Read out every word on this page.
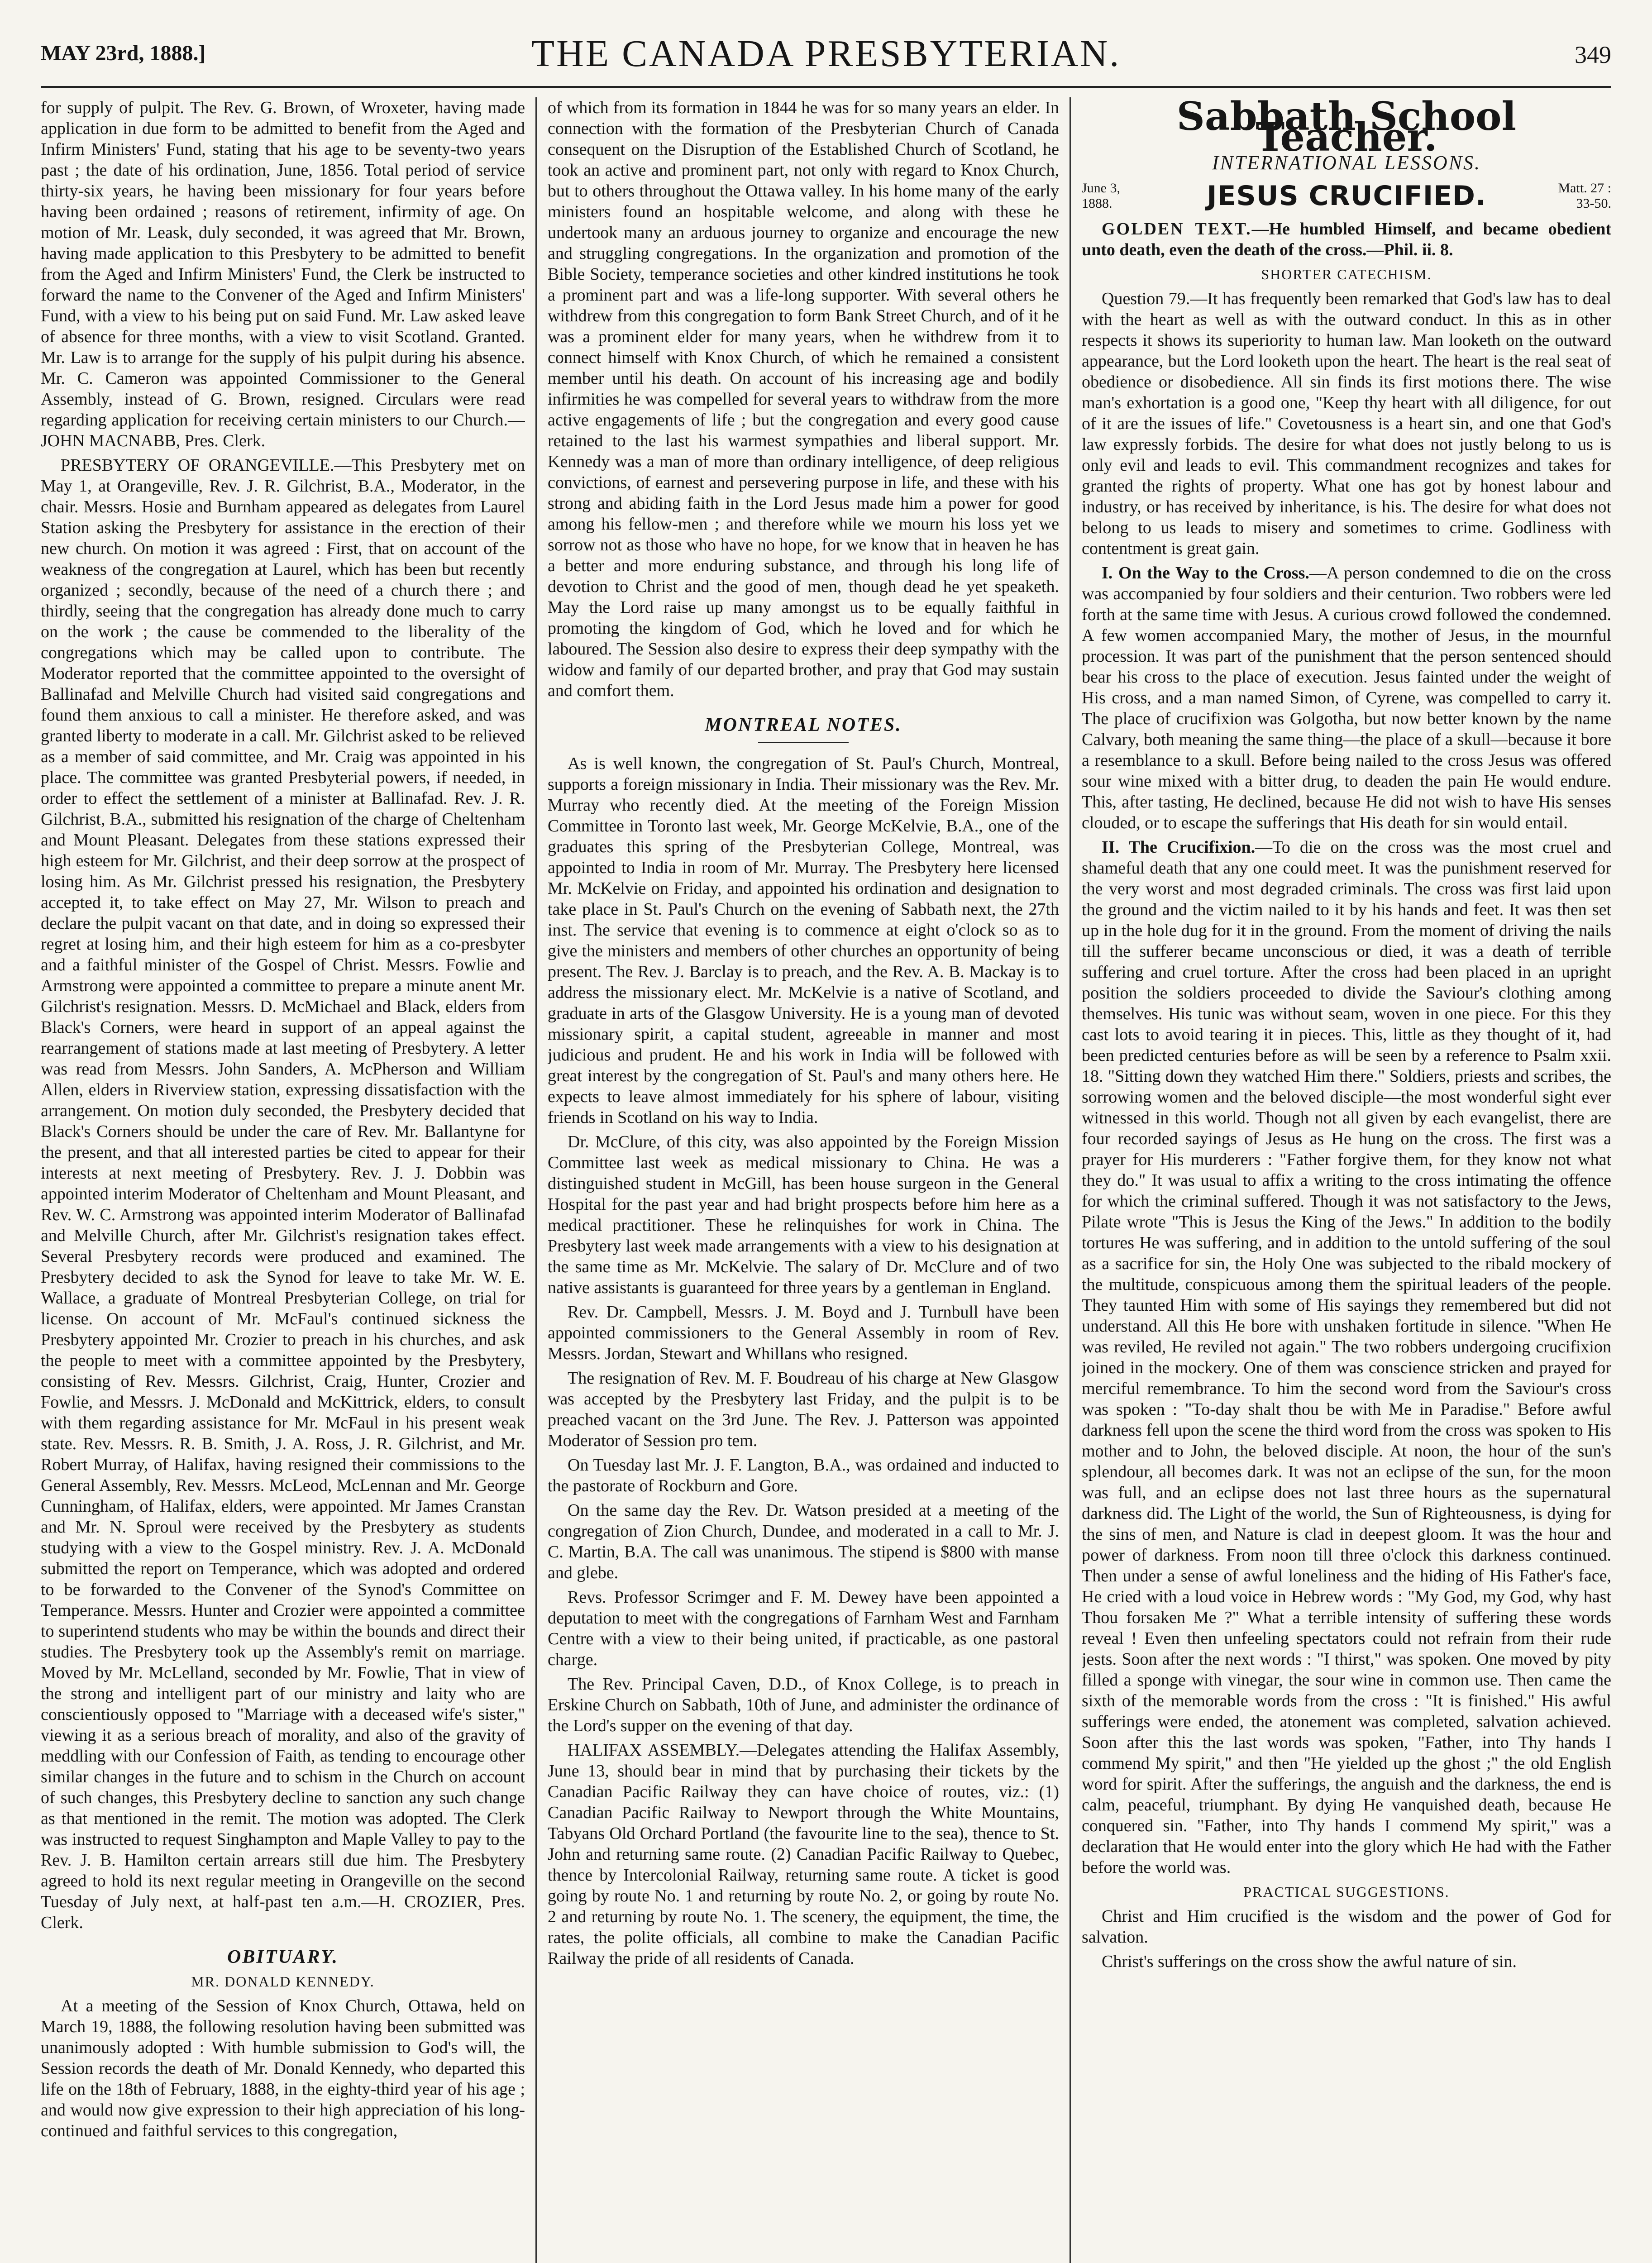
MAY 23rd, 1888.]	THE CANADA PRESBYTERIAN.	349

for supply of pulpit. The Rev. G. Brown, of Wroxeter, having made application in due form to be admitted to benefit from the Aged and Infirm Ministers' Fund, stating that his age to be seventy-two years past ; the date of his ordination, June, 1856. Total period of service thirty-six years, he having been missionary for four years before having been ordained ; reasons of retirement, infirmity of age. On motion of Mr. Leask, duly seconded, it was agreed that Mr. Brown, having made application to this Presbytery to be admitted to benefit from the Aged and Infirm Ministers' Fund, the Clerk be instructed to forward the name to the Convener of the Aged and Infirm Ministers' Fund, with a view to his being put on said Fund. Mr. Law asked leave of absence for three months, with a view to visit Scotland. Granted. Mr. Law is to arrange for the supply of his pulpit during his absence. Mr. C. Cameron was appointed Commissioner to the General Assembly, instead of G. Brown, resigned. Circulars were read regarding application for receiving certain ministers to our Church.—JOHN MACNABB, Pres. Clerk.

PRESBYTERY OF ORANGEVILLE.—This Presbytery met on May 1, at Orangeville, Rev. J. R. Gilchrist, B.A., Moderator, in the chair. Messrs. Hosie and Burnham appeared as delegates from Laurel Station asking the Presbytery for assistance in the erection of their new church. On motion it was agreed : First, that on account of the weakness of the congregation at Laurel, which has been but recently organized ; secondly, because of the need of a church there ; and thirdly, seeing that the congregation has already done much to carry on the work ; the cause be commended to the liberality of the congregations which may be called upon to contribute. The Moderator reported that the committee appointed to the oversight of Ballinafad and Melville Church had visited said congregations and found them anxious to call a minister. He therefore asked, and was granted liberty to moderate in a call. Mr. Gilchrist asked to be relieved as a member of said committee, and Mr. Craig was appointed in his place. The committee was granted Presbyterial powers, if needed, in order to effect the settlement of a minister at Ballinafad. Rev. J. R. Gilchrist, B.A., submitted his resignation of the charge of Cheltenham and Mount Pleasant. Delegates from these stations expressed their high esteem for Mr. Gilchrist, and their deep sorrow at the prospect of losing him. As Mr. Gilchrist pressed his resignation, the Presbytery accepted it, to take effect on May 27, Mr. Wilson to preach and declare the pulpit vacant on that date, and in doing so expressed their regret at losing him, and their high esteem for him as a co-presbyter and a faithful minister of the Gospel of Christ. Messrs. Fowlie and Armstrong were appointed a committee to prepare a minute anent Mr. Gilchrist's resignation. Messrs. D. McMichael and Black, elders from Black's Corners, were heard in support of an appeal against the rearrangement of stations made at last meeting of Presbytery. A letter was read from Messrs. John Sanders, A. McPherson and William Allen, elders in Riverview station, expressing dissatisfaction with the arrangement. On motion duly seconded, the Presbytery decided that Black's Corners should be under the care of Rev. Mr. Ballantyne for the present, and that all interested parties be cited to appear for their interests at next meeting of Presbytery. Rev. J. J. Dobbin was appointed interim Moderator of Cheltenham and Mount Pleasant, and Rev. W. C. Armstrong was appointed interim Moderator of Ballinafad and Melville Church, after Mr. Gilchrist's resignation takes effect. Several Presbytery records were produced and examined. The Presbytery decided to ask the Synod for leave to take Mr. W. E. Wallace, a graduate of Montreal Presbyterian College, on trial for license. On account of Mr. McFaul's continued sickness the Presbytery appointed Mr. Crozier to preach in his churches, and ask the people to meet with a committee appointed by the Presbytery, consisting of Rev. Messrs. Gilchrist, Craig, Hunter, Crozier and Fowlie, and Messrs. J. McDonald and McKittrick, elders, to consult with them regarding assistance for Mr. McFaul in his present weak state. Rev. Messrs. R. B. Smith, J. A. Ross, J. R. Gilchrist, and Mr. Robert Murray, of Halifax, having resigned their commissions to the General Assembly, Rev. Messrs. McLeod, McLennan and Mr. George Cunningham, of Halifax, elders, were appointed. Mr James Cranstan and Mr. N. Sproul were received by the Presbytery as students studying with a view to the Gospel ministry. Rev. J. A. McDonald submitted the report on Temperance, which was adopted and ordered to be forwarded to the Convener of the Synod's Committee on Temperance. Messrs. Hunter and Crozier were appointed a committee to superintend students who may be within the bounds and direct their studies. The Presbytery took up the Assembly's remit on marriage. Moved by Mr. McLelland, seconded by Mr. Fowlie, That in view of the strong and intelligent part of our ministry and laity who are conscientiously opposed to "Marriage with a deceased wife's sister," viewing it as a serious breach of morality, and also of the gravity of meddling with our Confession of Faith, as tending to encourage other similar changes in the future and to schism in the Church on account of such changes, this Presbytery decline to sanction any such change as that mentioned in the remit. The motion was adopted. The Clerk was instructed to request Singhampton and Maple Valley to pay to the Rev. J. B. Hamilton certain arrears still due him. The Presbytery agreed to hold its next regular meeting in Orangeville on the second Tuesday of July next, at half-past ten a.m.—H. CROZIER, Pres. Clerk.

OBITUARY.
MR. DONALD KENNEDY.

At a meeting of the Session of Knox Church, Ottawa, held on March 19, 1888, the following resolution having been submitted was unanimously adopted : With humble submission to God's will, the Session records the death of Mr. Donald Kennedy, who departed this life on the 18th of February, 1888, in the eighty-third year of his age ; and would now give expression to their high appreciation of his long-continued and faithful services to this congregation,

of which from its formation in 1844 he was for so many years an elder. In connection with the formation of the Presbyterian Church of Canada consequent on the Disruption of the Established Church of Scotland, he took an active and prominent part, not only with regard to Knox Church, but to others throughout the Ottawa valley. In his home many of the early ministers found an hospitable welcome, and along with these he undertook many an arduous journey to organize and encourage the new and struggling congregations. In the organization and promotion of the Bible Society, temperance societies and other kindred institutions he took a prominent part and was a life-long supporter. With several others he withdrew from this congregation to form Bank Street Church, and of it he was a prominent elder for many years, when he withdrew from it to connect himself with Knox Church, of which he remained a consistent member until his death. On account of his increasing age and bodily infirmities he was compelled for several years to withdraw from the more active engagements of life ; but the congregation and every good cause retained to the last his warmest sympathies and liberal support. Mr. Kennedy was a man of more than ordinary intelligence, of deep religious convictions, of earnest and persevering purpose in life, and these with his strong and abiding faith in the Lord Jesus made him a power for good among his fellow-men ; and therefore while we mourn his loss yet we sorrow not as those who have no hope, for we know that in heaven he has a better and more enduring substance, and through his long life of devotion to Christ and the good of men, though dead he yet speaketh. May the Lord raise up many amongst us to be equally faithful in promoting the kingdom of God, which he loved and for which he laboured. The Session also desire to express their deep sympathy with the widow and family of our departed brother, and pray that God may sustain and comfort them.

MONTREAL NOTES.

As is well known, the congregation of St. Paul's Church, Montreal, supports a foreign missionary in India. Their missionary was the Rev. Mr. Murray who recently died. At the meeting of the Foreign Mission Committee in Toronto last week, Mr. George McKelvie, B.A., one of the graduates this spring of the Presbyterian College, Montreal, was appointed to India in room of Mr. Murray. The Presbytery here licensed Mr. McKelvie on Friday, and appointed his ordination and designation to take place in St. Paul's Church on the evening of Sabbath next, the 27th inst. The service that evening is to commence at eight o'clock so as to give the ministers and members of other churches an opportunity of being present. The Rev. J. Barclay is to preach, and the Rev. A. B. Mackay is to address the missionary elect. Mr. McKelvie is a native of Scotland, and graduate in arts of the Glasgow University. He is a young man of devoted missionary spirit, a capital student, agreeable in manner and most judicious and prudent. He and his work in India will be followed with great interest by the congregation of St. Paul's and many others here. He expects to leave almost immediately for his sphere of labour, visiting friends in Scotland on his way to India.

Dr. McClure, of this city, was also appointed by the Foreign Mission Committee last week as medical missionary to China. He was a distinguished student in McGill, has been house surgeon in the General Hospital for the past year and had bright prospects before him here as a medical practitioner. These he relinquishes for work in China. The Presbytery last week made arrangements with a view to his designation at the same time as Mr. McKelvie. The salary of Dr. McClure and of two native assistants is guaranteed for three years by a gentleman in England.

Rev. Dr. Campbell, Messrs. J. M. Boyd and J. Turnbull have been appointed commissioners to the General Assembly in room of Rev. Messrs. Jordan, Stewart and Whillans who resigned.

The resignation of Rev. M. F. Boudreau of his charge at New Glasgow was accepted by the Presbytery last Friday, and the pulpit is to be preached vacant on the 3rd June. The Rev. J. Patterson was appointed Moderator of Session pro tem.

On Tuesday last Mr. J. F. Langton, B.A., was ordained and inducted to the pastorate of Rockburn and Gore.

On the same day the Rev. Dr. Watson presided at a meeting of the congregation of Zion Church, Dundee, and moderated in a call to Mr. J. C. Martin, B.A. The call was unanimous. The stipend is $800 with manse and glebe.

Revs. Professor Scrimger and F. M. Dewey have been appointed a deputation to meet with the congregations of Farnham West and Farnham Centre with a view to their being united, if practicable, as one pastoral charge.

The Rev. Principal Caven, D.D., of Knox College, is to preach in Erskine Church on Sabbath, 10th of June, and administer the ordinance of the Lord's supper on the evening of that day.

HALIFAX ASSEMBLY.—Delegates attending the Halifax Assembly, June 13, should bear in mind that by purchasing their tickets by the Canadian Pacific Railway they can have choice of routes, viz.: (1) Canadian Pacific Railway to Newport through the White Mountains, Tabyans Old Orchard Portland (the favourite line to the sea), thence to St. John and returning same route. (2) Canadian Pacific Railway to Quebec, thence by Intercolonial Railway, returning same route. A ticket is good going by route No. 1 and returning by route No. 2, or going by route No. 2 and returning by route No. 1. The scenery, the equipment, the time, the rates, the polite officials, all combine to make the Canadian Pacific Railway the pride of all residents of Canada.

Sabbath School Teacher.
INTERNATIONAL LESSONS.
June 3,
1888.	JESUS CRUCIFIED.	Matt. 27 :
33-50.

GOLDEN TEXT.—He humbled Himself, and became obedient unto death, even the death of the cross.—Phil. ii. 8.

SHORTER CATECHISM.

Question 79.—It has frequently been remarked that God's law has to deal with the heart as well as with the outward conduct. In this as in other respects it shows its superiority to human law. Man looketh on the outward appearance, but the Lord looketh upon the heart. The heart is the real seat of obedience or disobedience. All sin finds its first motions there. The wise man's exhortation is a good one, "Keep thy heart with all diligence, for out of it are the issues of life." Covetousness is a heart sin, and one that God's law expressly forbids. The desire for what does not justly belong to us is only evil and leads to evil. This commandment recognizes and takes for granted the rights of property. What one has got by honest labour and industry, or has received by inheritance, is his. The desire for what does not belong to us leads to misery and sometimes to crime. Godliness with contentment is great gain.

I. On the Way to the Cross.—A person condemned to die on the cross was accompanied by four soldiers and their centurion. Two robbers were led forth at the same time with Jesus. A curious crowd followed the condemned. A few women accompanied Mary, the mother of Jesus, in the mournful procession. It was part of the punishment that the person sentenced should bear his cross to the place of execution. Jesus fainted under the weight of His cross, and a man named Simon, of Cyrene, was compelled to carry it. The place of crucifixion was Golgotha, but now better known by the name Calvary, both meaning the same thing—the place of a skull—because it bore a resemblance to a skull. Before being nailed to the cross Jesus was offered sour wine mixed with a bitter drug, to deaden the pain He would endure. This, after tasting, He declined, because He did not wish to have His senses clouded, or to escape the sufferings that His death for sin would entail.

II. The Crucifixion.—To die on the cross was the most cruel and shameful death that any one could meet. It was the punishment reserved for the very worst and most degraded criminals. The cross was first laid upon the ground and the victim nailed to it by his hands and feet. It was then set up in the hole dug for it in the ground. From the moment of driving the nails till the sufferer became unconscious or died, it was a death of terrible suffering and cruel torture. After the cross had been placed in an upright position the soldiers proceeded to divide the Saviour's clothing among themselves. His tunic was without seam, woven in one piece. For this they cast lots to avoid tearing it in pieces. This, little as they thought of it, had been predicted centuries before as will be seen by a reference to Psalm xxii. 18. "Sitting down they watched Him there." Soldiers, priests and scribes, the sorrowing women and the beloved disciple—the most wonderful sight ever witnessed in this world. Though not all given by each evangelist, there are four recorded sayings of Jesus as He hung on the cross. The first was a prayer for His murderers : "Father forgive them, for they know not what they do." It was usual to affix a writing to the cross intimating the offence for which the criminal suffered. Though it was not satisfactory to the Jews, Pilate wrote "This is Jesus the King of the Jews." In addition to the bodily tortures He was suffering, and in addition to the untold suffering of the soul as a sacrifice for sin, the Holy One was subjected to the ribald mockery of the multitude, conspicuous among them the spiritual leaders of the people. They taunted Him with some of His sayings they remembered but did not understand. All this He bore with unshaken fortitude in silence. "When He was reviled, He reviled not again." The two robbers undergoing crucifixion joined in the mockery. One of them was conscience stricken and prayed for merciful remembrance. To him the second word from the Saviour's cross was spoken : "To-day shalt thou be with Me in Paradise." Before awful darkness fell upon the scene the third word from the cross was spoken to His mother and to John, the beloved disciple. At noon, the hour of the sun's splendour, all becomes dark. It was not an eclipse of the sun, for the moon was full, and an eclipse does not last three hours as the supernatural darkness did. The Light of the world, the Sun of Righteousness, is dying for the sins of men, and Nature is clad in deepest gloom. It was the hour and power of darkness. From noon till three o'clock this darkness continued. Then under a sense of awful loneliness and the hiding of His Father's face, He cried with a loud voice in Hebrew words : "My God, my God, why hast Thou forsaken Me ?" What a terrible intensity of suffering these words reveal ! Even then unfeeling spectators could not refrain from their rude jests. Soon after the next words : "I thirst," was spoken. One moved by pity filled a sponge with vinegar, the sour wine in common use. Then came the sixth of the memorable words from the cross : "It is finished." His awful sufferings were ended, the atonement was completed, salvation achieved. Soon after this the last words was spoken, "Father, into Thy hands I commend My spirit," and then "He yielded up the ghost ;" the old English word for spirit. After the sufferings, the anguish and the darkness, the end is calm, peaceful, triumphant. By dying He vanquished death, because He conquered sin. "Father, into Thy hands I commend My spirit," was a declaration that He would enter into the glory which He had with the Father before the world was.

PRACTICAL SUGGESTIONS.

Christ and Him crucified is the wisdom and the power of God for salvation.

Christ's sufferings on the cross show the awful nature of sin.
